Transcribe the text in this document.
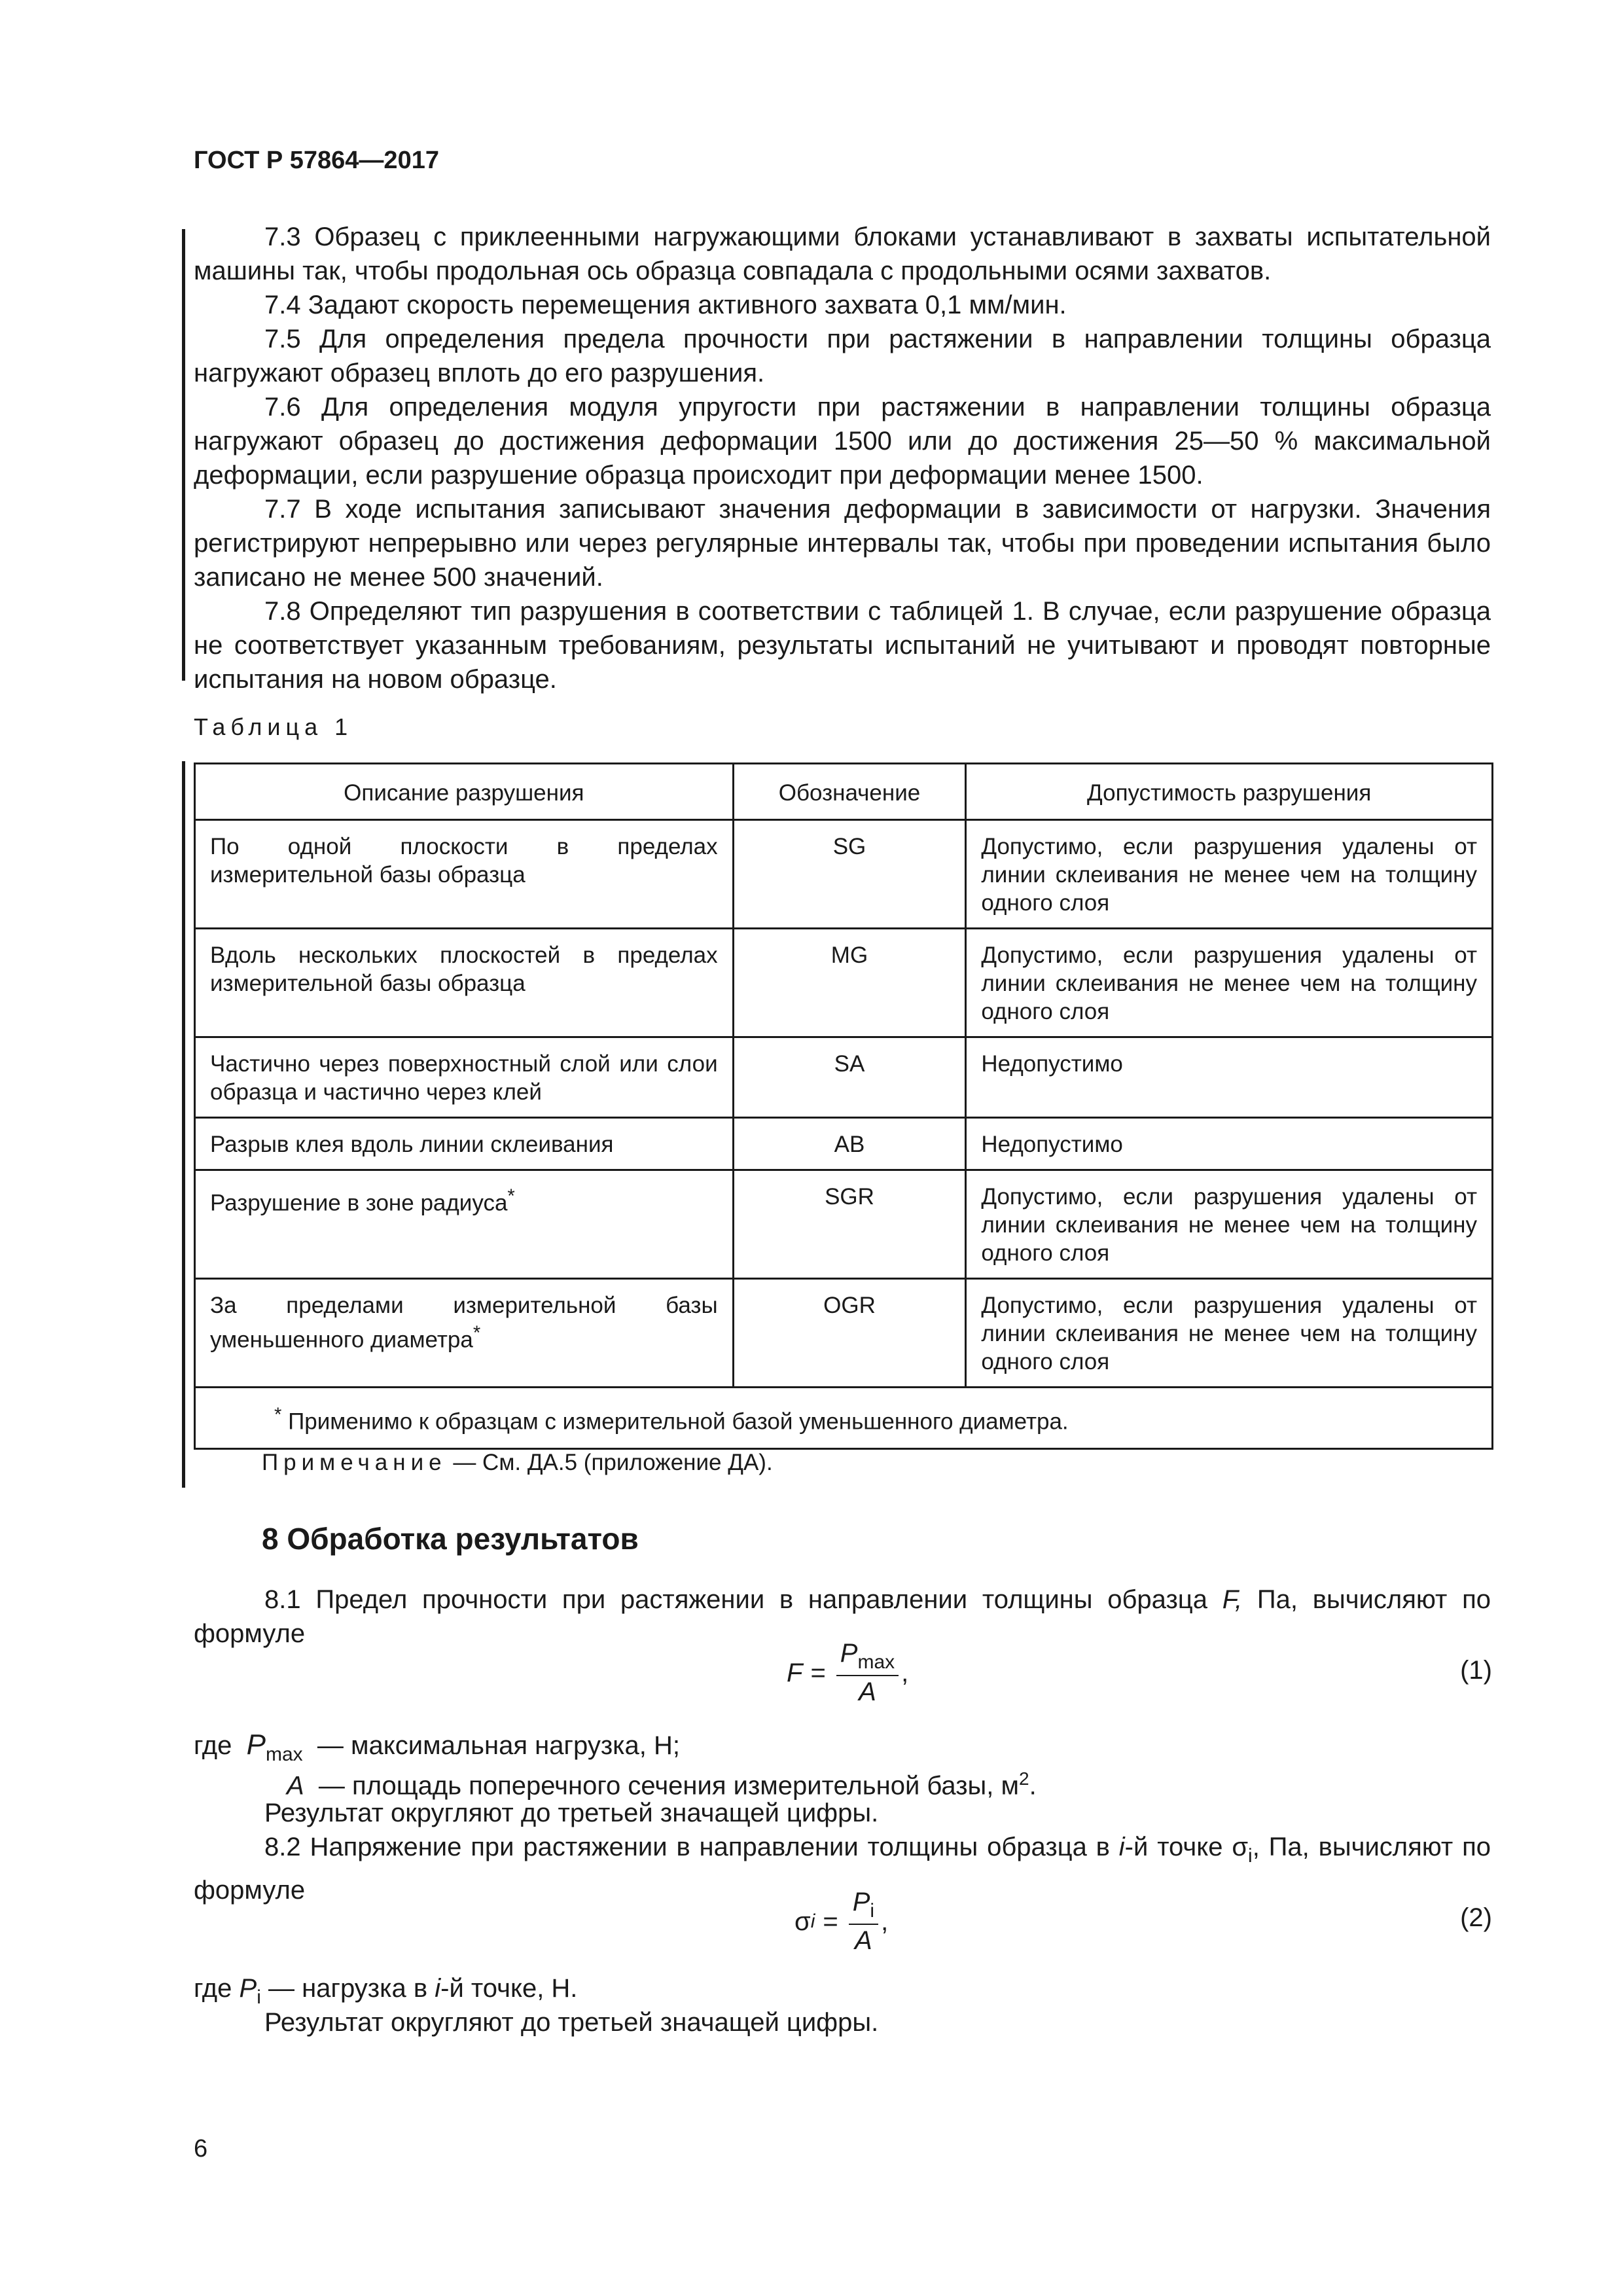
ГОСТ Р 57864—2017

7.3 Образец с приклеенными нагружающими блоками устанавливают в захваты испытательной машины так, чтобы продольная ось образца совпадала с продольными осями захватов.

7.4 Задают скорость перемещения активного захвата 0,1 мм/мин.

7.5 Для определения предела прочности при растяжении в направлении толщины образца нагружают образец вплоть до его разрушения.

7.6 Для определения модуля упругости при растяжении в направлении толщины образца нагружают образец до достижения деформации 1500 или до достижения 25—50 % максимальной деформации, если разрушение образца происходит при деформации менее 1500.

7.7 В ходе испытания записывают значения деформации в зависимости от нагрузки. Значения регистрируют непрерывно или через регулярные интервалы так, чтобы при проведении испытания было записано не менее 500 значений.

7.8 Определяют тип разрушения в соответствии с таблицей 1. В случае, если разрушение образца не соответствует указанным требованиям, результаты испытаний не учитывают и проводят повторные испытания на новом образце.

Таблица 1
Описание разрушения	Обозначение	Допустимость разрушения
По одной плоскости в пределах измерительной базы образца	SG	Допустимо, если разрушения удалены от линии склеивания не менее чем на толщину одного слоя
Вдоль нескольких плоскостей в пределах измерительной базы образца	MG	Допустимо, если разрушения удалены от линии склеивания не менее чем на толщину одного слоя
Частично через поверхностный слой или слои образца и частично через клей	SA	Недопустимо
Разрыв клея вдоль линии склеивания	AB	Недопустимо
Разрушение в зоне радиуса*	SGR	Допустимо, если разрушения удалены от линии склеивания не менее чем на толщину одного слоя
За пределами измерительной базы уменьшенного диаметра*	OGR	Допустимо, если разрушения удалены от линии склеивания не менее чем на толщину одного слоя
* Применимо к образцам с измерительной базой уменьшенного диаметра.		
Примечание — См. ДА.5 (приложение ДА).
8 Обработка результатов

8.1 Предел прочности при растяжении в направлении толщины образца F, Па, вычисляют по формуле

$F = \frac{P_{max}}{A}$ ,	(1)
где $P_{max}$  — максимальная нагрузка, Н;
A  — площадь поперечного сечения измерительной базы, $м^2$.
Результат округляют до третьей значащей цифры.

8.2 Напряжение при растяжении в направлении толщины образца в i-й точке $\sigma_i$, Па, вычисляют по формуле

σ $i = \frac{P_i}{A}$ ,	(2)
где $P_i$ — нагрузка в i-й точке, Н.
Результат округляют до третьей значащей цифры.
6
